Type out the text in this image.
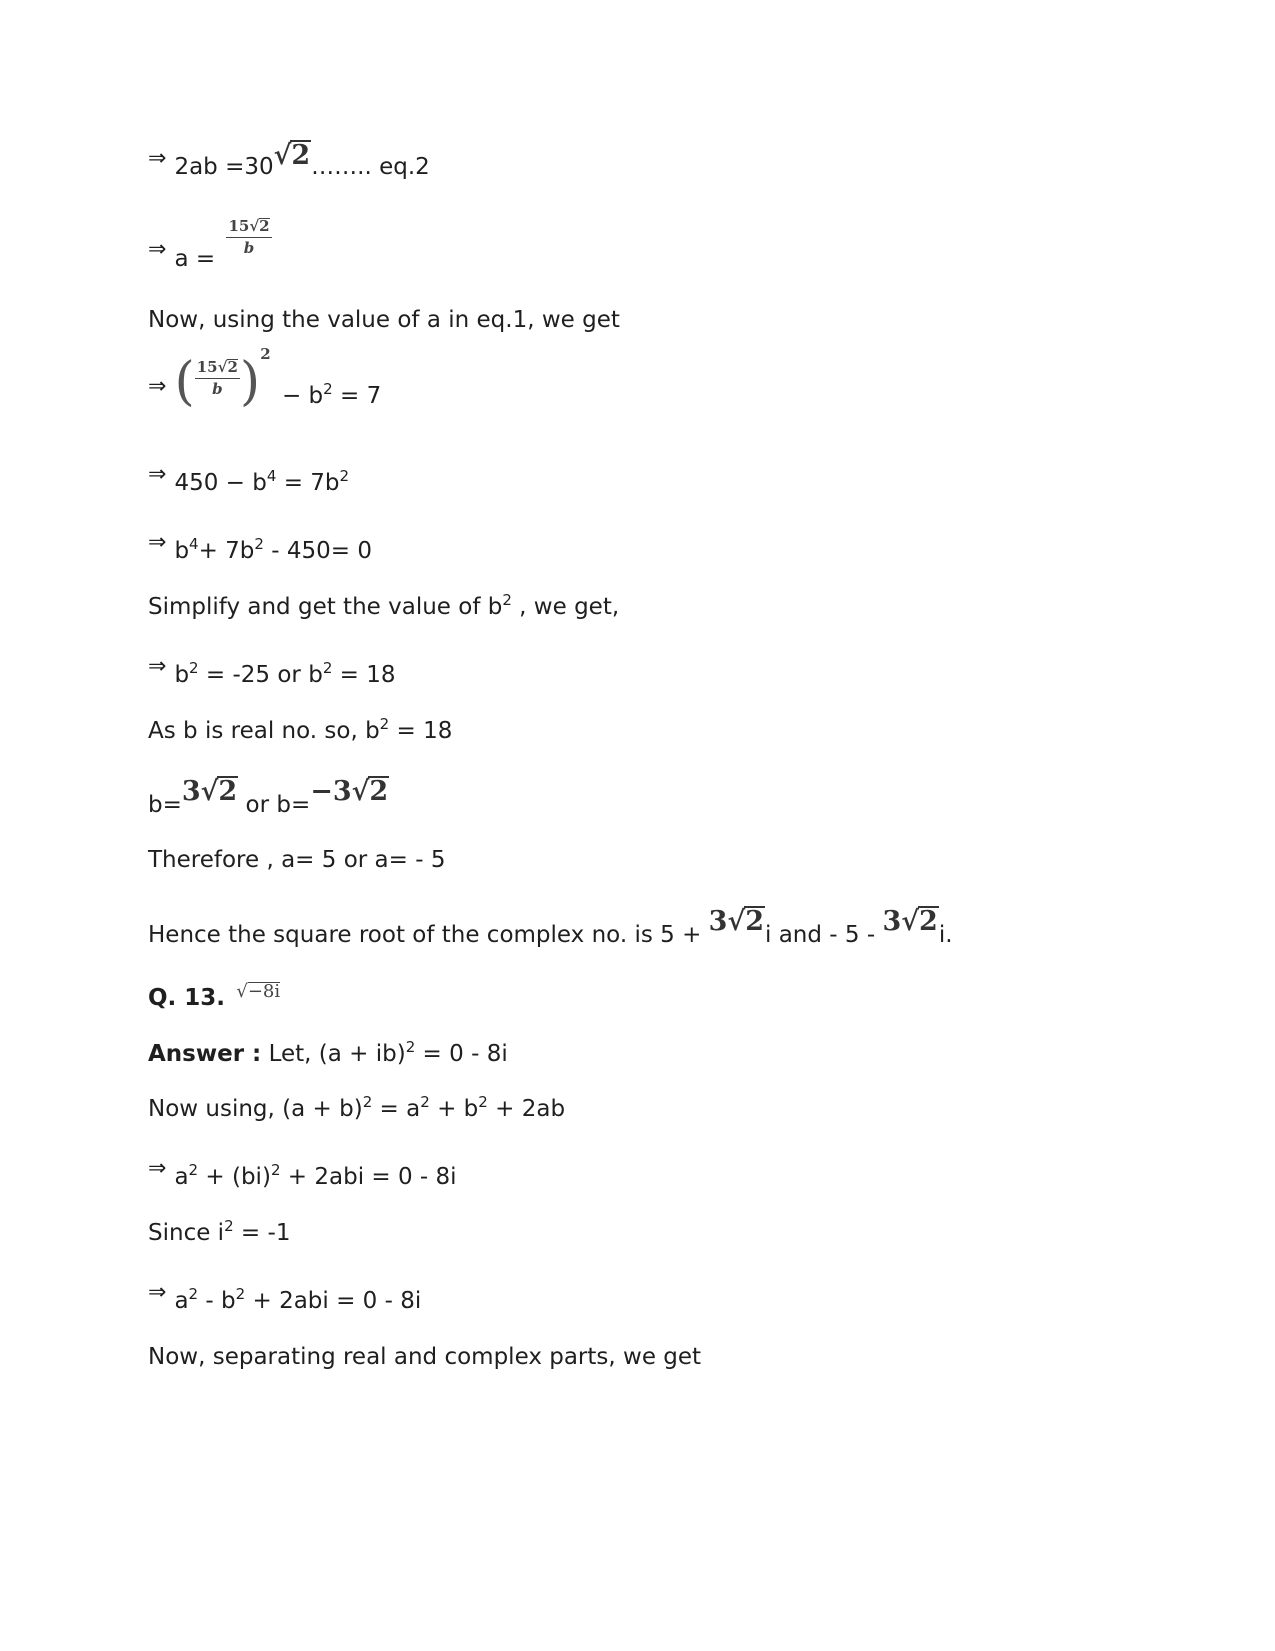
⇒ 2ab =30√2…….. eq.2
⇒ a =
$\frac{15√2}{b}$
Now, using the value of a in eq.1, we get
⇒ ( $\frac{15√2}{b} )^2 - b^2 = 7$
⇒ $450 - b^4 = 7b^2$
⇒ $b^4+ 7b^2 - 450= 0$
Simplify and get the value of $b^2$ , we get,
⇒ $b^2 = -25$ or $b^2 = 18$
As b is real no. so, $b^2 = 18$
b=3√2 or b=−3√2
Therefore , a= 5 or a= - 5
Hence the square root of the complex no. is 5 + 3√2i and - 5 - 3√2i.
Q. 13. $^{√-8i}$
Answer : Let, (a + ib)$^2$ = 0 - 8i
Now using, $(a + b)^2 = a^2 + b^2 + 2ab$
⇒ $a^2 + (bi)^2 + 2abi = 0 - 8i$
Since $i^2 = -1$
⇒ $a^2 - b^2 + 2abi = 0 - 8i$
Now, separating real and complex parts, we get
